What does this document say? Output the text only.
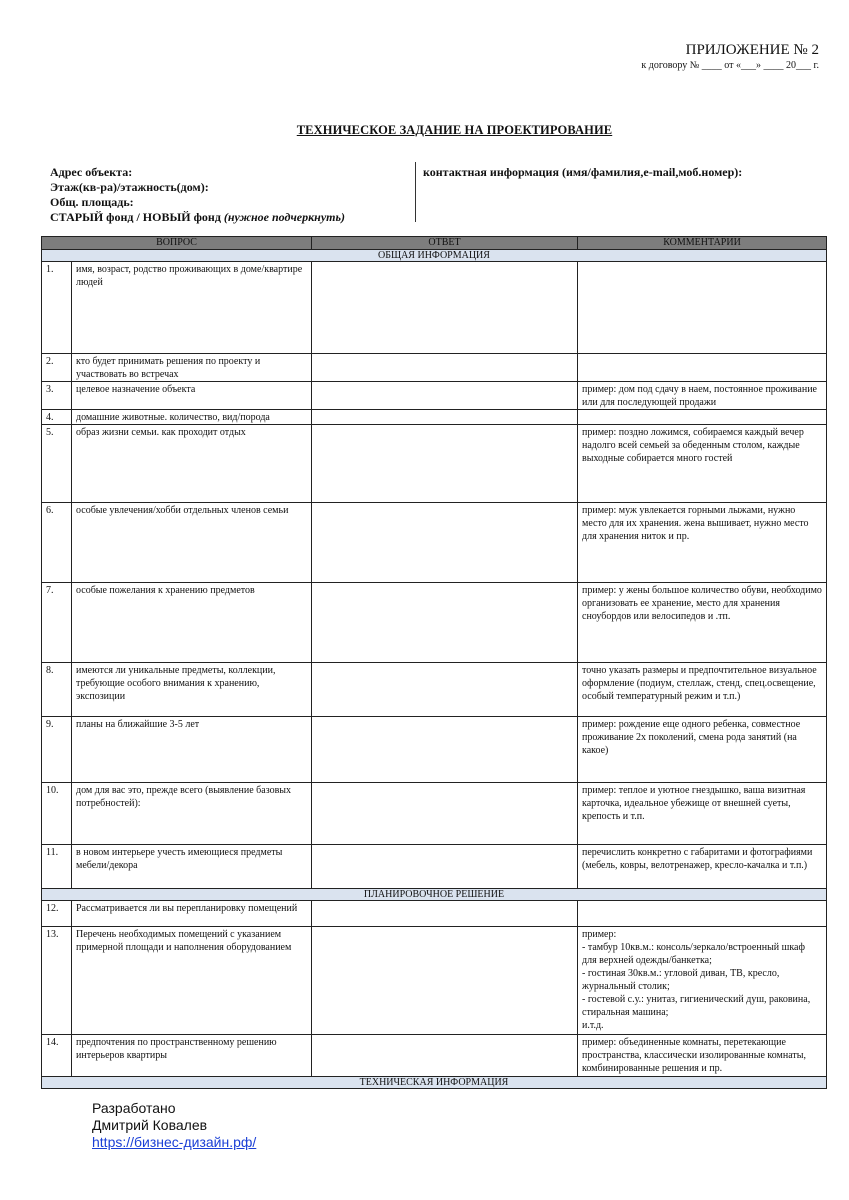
ПРИЛОЖЕНИЕ № 2
к договору № ____ от «___» ____ 20___ г.
ТЕХНИЧЕСКОЕ ЗАДАНИЕ НА ПРОЕКТИРОВАНИЕ
Адрес объекта:
Этаж(кв-ра)/этажность(дом):
Общ. площадь:
СТАРЫЙ фонд / НОВЫЙ фонд (нужное подчеркнуть)
контактная информация (имя/фамилия,e-mail,моб.номер):
ВОПРОС		ОТВЕТ	КОММЕНТАРИИ
ОБЩАЯ ИНФОРМАЦИЯ			
1.	имя, возраст, родство проживающих в доме/квартире людей		
2.	кто будет принимать решения по проекту и участвовать во встречах		
3.	целевое назначение объекта		пример: дом под сдачу в наем, постоянное проживание или для последующей продажи
4.	домашние животные. количество, вид/порода		
5.	образ жизни семьи. как проходит отдых		пример: поздно ложимся, собираемся каждый вечер надолго всей семьей за обеденным столом, каждые выходные собирается много гостей
6.	особые увлечения/хобби отдельных членов семьи		пример: муж увлекается горными лыжами, нужно место для их хранения. жена вышивает, нужно место для хранения ниток и пр.
7.	особые пожелания к хранению предметов		пример: у жены большое количество обуви, необходимо организовать ее хранение, место для хранения сноубордов или велосипедов и .тп.
8.	имеются ли уникальные предметы, коллекции, требующие особого внимания к хранению, экспозиции		точно указать размеры и предпочтительное визуальное оформление (подиум, стеллаж, стенд, спец.освещение, особый температурный режим и т.п.)
9.	планы на ближайшие 3-5 лет		пример: рождение еще одного ребенка, совместное проживание 2х поколений, смена рода занятий (на какое)
10.	дом для вас это, прежде всего (выявление базовых потребностей):		пример: теплое и уютное гнездышко, ваша визитная карточка, идеальное убежище от внешней суеты, крепость и т.п.
11.	в новом интерьере учесть имеющиеся предметы мебели/декора		перечислить конкретно с габаритами и фотографиями (мебель, ковры, велотренажер, кресло-качалка и т.п.)
ПЛАНИРОВОЧНОЕ РЕШЕНИЕ			
12.	Рассматривается ли вы перепланировку помещений		
13.	Перечень необходимых помещений с указанием примерной площади и наполнения оборудованием		пример:
- тамбур 10кв.м.: консоль/зеркало/встроенный шкаф для верхней одежды/банкетка;
- гостиная 30кв.м.: угловой диван, ТВ, кресло, журнальный столик;
- гостевой с.у.: унитаз, гигиенический душ, раковина, стиральная машина;
и.т.д.
14.	предпочтения по пространственному решению интерьеров квартиры		пример: объединенные комнаты, перетекающие пространства, классически изолированные комнаты, комбинированные решения и пр.
ТЕХНИЧЕСКАЯ ИНФОРМАЦИЯ			
Разработано
Дмитрий Ковалев
https://бизнес-дизайн.рф/
